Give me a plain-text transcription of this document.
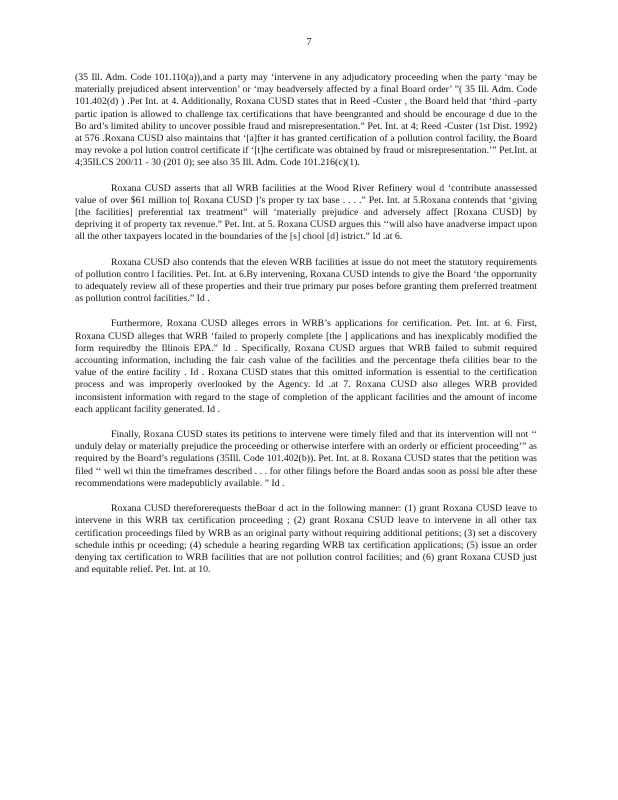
7

(35 Ill. Adm. Code 101.110(a)),and a party may ‘intervene in any adjudicatory proceeding when the party ‘may be materially prejudiced absent intervention’ or ‘may beadversely affected by a final Board order’ ”( 35 Ill. Adm. Code 101.402(d) ) .Pet Int. at 4. Additionally, Roxana CUSD states that in Reed -Custer , the Board held that ‘third -party partic ipation is allowed to challenge tax certifications that have beengranted and should be encourage d due to the Bo ard’s limited ability to uncover possible fraud and misrepresentation.” Pet. Int. at 4; Reed -Custer (1st Dist. 1992) at 576 .Roxana CUSD also maintains that ‘[a]fter it has granted certification of a pollution control facility, the Board may revoke a pol lution control certificate if ‘[t]he certificate was obtained by fraud or misrepresentation.’” Pet.Int. at 4;35ILCS 200/11 - 30 (201 0); see also 35 Ill. Adm. Code 101.216(c)(1).

Roxana CUSD asserts that all WRB facilities at the Wood River Refinery woul d ‘contribute anassessed value of over $61 million to[ Roxana CUSD ]’s proper ty tax base . . . .” Pet. Int. at 5.Roxana contends that ‘giving [the facilities] preferential tax treatment” will ‘materially prejudice and adversely affect [Roxana CUSD] by depriving it of property tax revenue.” Pet. Int. at 5. Roxana CUSD argues this ‘‘will also have anadverse impact upon all the other taxpayers located in the boundaries of the [s] chool [d] istrict.” Id .at 6.

Roxana CUSD also contends that the eleven WRB facilities at issue do not meet the statutory requirements of pollution contro l facilities. Pet. Int. at 6.By intervening, Roxana CUSD intends to give the Board ‘the opportunity to adequately review all of these properties and their true primary pur poses before granting them preferred treatment as pollution control facilities.” Id .

Furthermore, Roxana CUSD alleges errors in WRB’s applications for certification. Pet. Int. at 6. First, Roxana CUSD alleges that WRB ‘failed to properly complete [the ] applications and has inexplicably modified the form requiredby the Illinois EPA.” Id . Specifically, Roxana CUSD argues that WRB failed to submit required accounting information, including the fair cash value of the facilities and the percentage thefa cilities bear to the value of the entire facility . Id . Roxana CUSD states that this omitted information is essential to the certification process and was improperly overlooked by the Agency. Id .at 7. Roxana CUSD also alleges WRB provided inconsistent information with regard to the stage of completion of the applicant facilities and the amount of income each applicant facility generated. Id .

Finally, Roxana CUSD states its petitions to intervene were timely filed and that its intervention will not ‘‘ unduly delay or materially prejudice the proceeding or otherwise interfere with an orderly or efficient proceeding’” as required by the Board’s regulations (35Ill. Code 101.402(b)). Pet. Int. at 8. Roxana CUSD states that the petition was filed ‘‘ well wi thin the timeframes described . . . for other filings before the Board andas soon as possi ble after these recommendations were madepublicly available. ” Id .

Roxana CUSD thereforerequests theBoar d act in the following manner: (1) grant Roxana CUSD leave to intervene in this WRB tax certification proceeding ; (2) grant Roxana CSUD leave to intervene in all other tax certification proceedings filed by WRB as an original party without requiring additional petitions; (3) set a discovery schedule inthis pr oceeding; (4) schedule a hearing regarding WRB tax certification applications; (5) issue an order denying tax certification to WRB facilities that are not pollution control facilities; and (6) grant Roxana CUSD just and equitable relief. Pet. Int. at 10.
